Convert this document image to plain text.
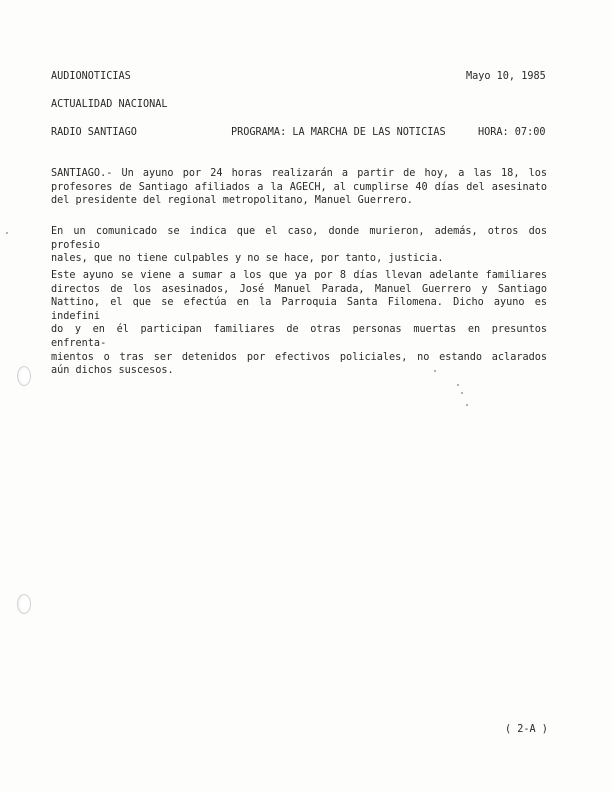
AUDIONOTICIAS	Mayo 10, 1985
ACTUALIDAD NACIONAL
RADIO SANTIAGO	PROGRAMA: LA MARCHA DE LAS NOTICIAS	HORA: 07:00
SANTIAGO.- Un ayuno por 24 horas realizarán a partir de hoy, a las 18, los
profesores de Santiago afiliados a la AGECH, al cumplirse 40 días del asesinato
del presidente del regional metropolitano, Manuel Guerrero.
En un comunicado se indica que el caso, donde murieron, además, otros dos profesio
nales, que no tiene culpables y no se hace, por tanto, justicia.
Este ayuno se viene a sumar a los que ya por 8 días llevan adelante familiares
directos de los asesinados, José Manuel Parada, Manuel Guerrero y Santiago
Nattino, el que se efectúa en la Parroquia Santa Filomena. Dicho ayuno es indefini
do y en él participan familiares de otras personas muertas en presuntos enfrenta-
mientos o tras ser detenidos por efectivos policiales, no estando aclarados
aún dichos suscesos.
( 2-A )
